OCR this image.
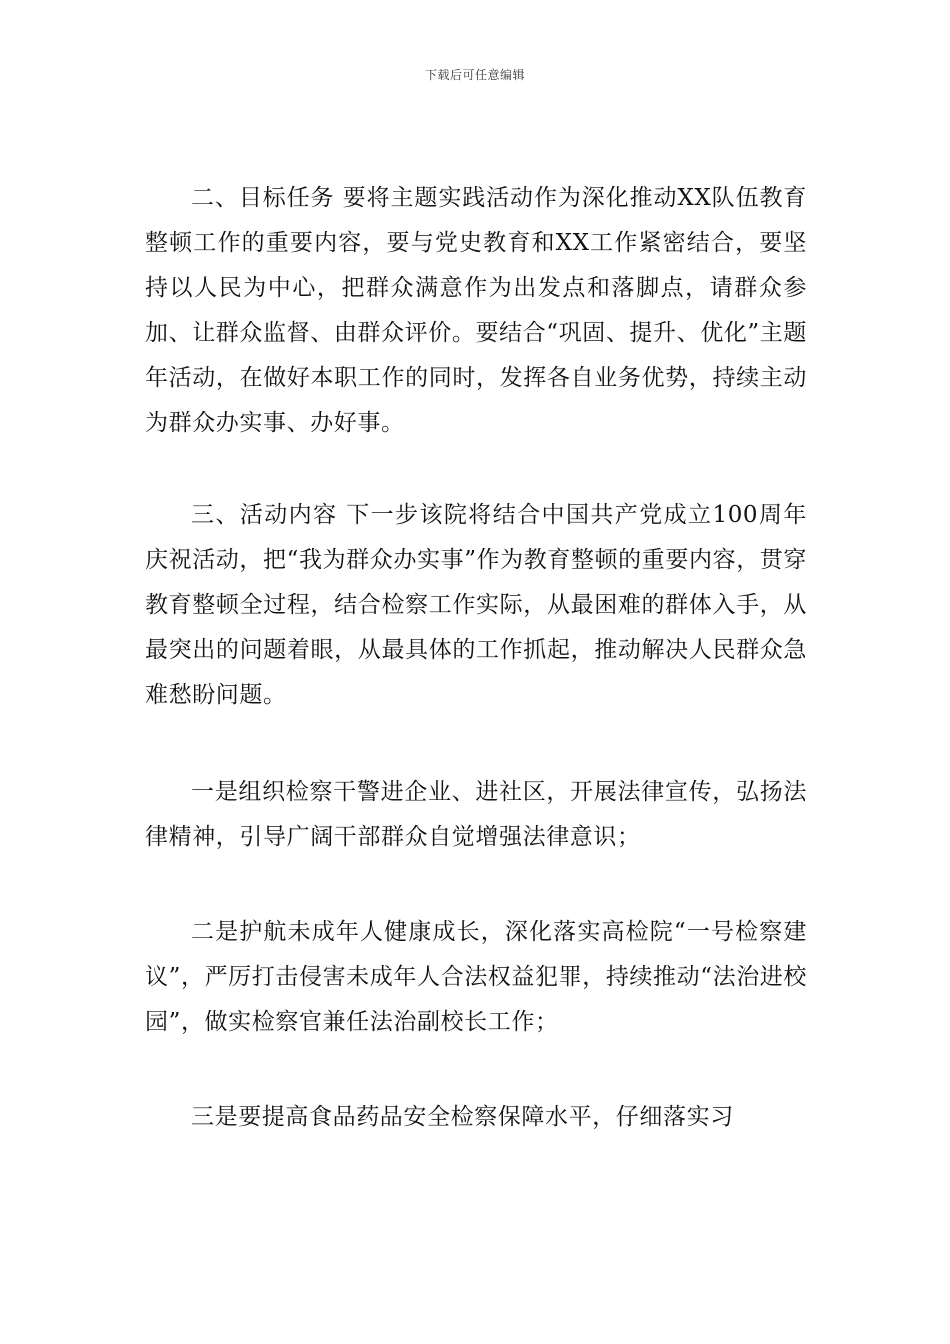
下载后可任意编辑

二、目标任务 要将主题实践活动作为深化推动XX队伍教育整顿工作的重要内容，要与党史教育和XX工作紧密结合，要坚持以人民为中心，把群众满意作为出发点和落脚点，请群众参加、让群众监督、由群众评价。要结合“巩固、提升、优化”主题年活动，在做好本职工作的同时，发挥各自业务优势，持续主动为群众办实事、办好事。

三、活动内容 下一步该院将结合中国共产党成立100周年庆祝活动，把“我为群众办实事”作为教育整顿的重要内容，贯穿教育整顿全过程，结合检察工作实际，从最困难的群体入手，从最突出的问题着眼，从最具体的工作抓起，推动解决人民群众急难愁盼问题。

一是组织检察干警进企业、进社区，开展法律宣传，弘扬法律精神，引导广阔干部群众自觉增强法律意识；

二是护航未成年人健康成长，深化落实高检院“一号检察建议”，严厉打击侵害未成年人合法权益犯罪，持续推动“法治进校园”，做实检察官兼任法治副校长工作；

三是要提高食品药品安全检察保障水平，仔细落实习
